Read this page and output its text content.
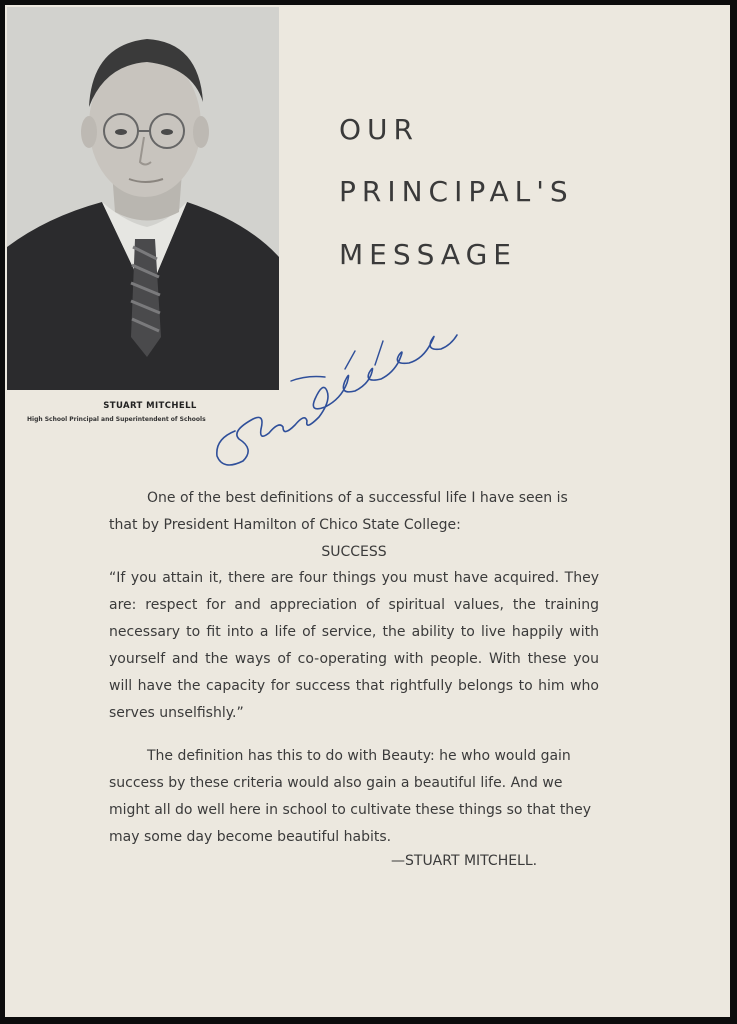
STUART MITCHELL
High School Principal and Superintendent of Schools
OUR
PRINCIPAL'S
MESSAGE
One of the best definitions of a successful life I have seen is that by President Hamilton of Chico State College:
SUCCESS
“If you attain it, there are four things you must have acquired. They are: respect for and appreciation of spiritual values, the training necessary to fit into a life of service, the ability to live happily with yourself and the ways of co-operating with people. With these you will have the capacity for success that rightfully belongs to him who serves unselfishly.”
The definition has this to do with Beauty: he who would gain success by these criteria would also gain a beautiful life. And we might all do well here in school to cultivate these things so that they may some day become beautiful habits.
—STUART MITCHELL.
